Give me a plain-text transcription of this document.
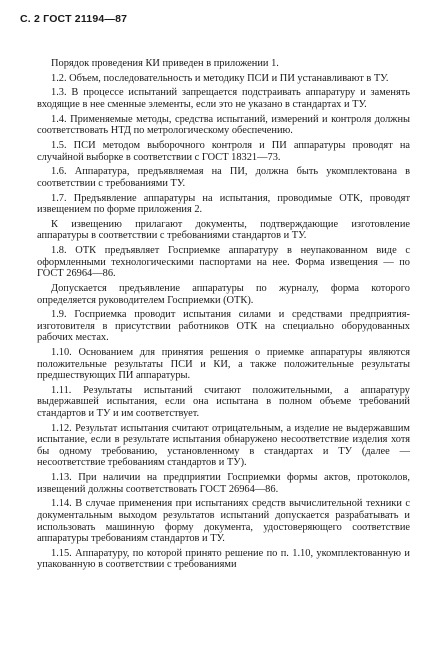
С. 2 ГОСТ 21194—87

Порядок проведения КИ приведен в приложении 1.

1.2. Объем, последовательность и методику ПСИ и ПИ устанавливают в ТУ.

1.3. В процессе испытаний запрещается подстраивать аппаратуру и заменять входящие в нее сменные элементы, если это не указано в стандартах и ТУ.

1.4. Применяемые методы, средства испытаний, измерений и контроля должны соответствовать НТД по метрологическому обеспечению.

1.5. ПСИ методом выборочного контроля и ПИ аппаратуры проводят на случайной выборке в соответствии с ГОСТ 18321—73.

1.6. Аппаратура, предъявляемая на ПИ, должна быть укомплектована в соответствии с требованиями ТУ.

1.7. Предъявление аппаратуры на испытания, проводимые ОТК, проводят извещением по форме приложения 2.

К извещению прилагают документы, подтверждающие изготовление аппаратуры в соответствии с требованиями стандартов и ТУ.

1.8. ОТК предъявляет Госприемке аппаратуру в неупакованном виде с оформленными технологическими паспортами на нее. Форма извещения — по ГОСТ 26964—86.

Допускается предъявление аппаратуры по журналу, форма которого определяется руководителем Госприемки (ОТК).

1.9. Госприемка проводит испытания силами и средствами предприятия-изготовителя в присутствии работников ОТК на специально оборудованных рабочих местах.

1.10. Основанием для принятия решения о приемке аппаратуры являются положительные результаты ПСИ и КИ, а также положительные результаты предшествующих ПИ аппаратуры.

1.11. Результаты испытаний считают положительными, а аппаратуру выдержавшей испытания, если она испытана в полном объеме требований стандартов и ТУ и им соответствует.

1.12. Результат испытания считают отрицательным, а изделие не выдержавшим испытание, если в результате испытания обнаружено несоответствие изделия хотя бы одному требованию, установленному в стандартах и ТУ (далее — несоответствие требованиям стандартов и ТУ).

1.13. При наличии на предприятии Госприемки формы актов, протоколов, извещений должны соответствовать ГОСТ 26964—86.

1.14. В случае применения при испытаниях средств вычислительной техники с документальным выходом результатов испытаний допускается разрабатывать и использовать машинную форму документа, удостоверяющего соответствие аппаратуры требованиям стандартов и ТУ.

1.15. Аппаратуру, по которой принято решение по п. 1.10, укомплектованную и упакованную в соответствии с требованиями
